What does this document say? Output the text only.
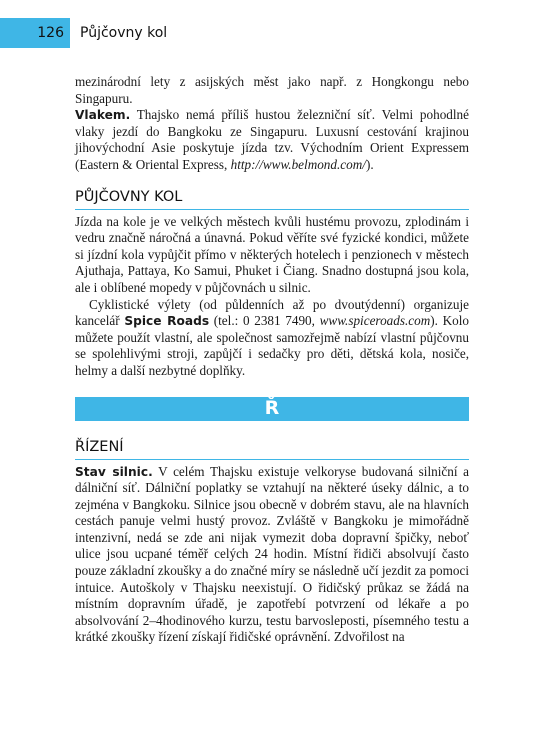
126 Půjčovny kol

mezinárodní lety z asijských měst jako např. z Hongkongu nebo Singapuru.

Vlakem. Thajsko nemá příliš hustou železniční síť. Velmi pohodlné vlaky jezdí do Bangkoku ze Singapuru. Luxusní cestování krajinou jihovýchodní Asie poskytuje jízda tzv. Východním Orient Expressem (Eastern & Oriental Express, http://www.belmond.com/).

PŮJČOVNY KOL

Jízda na kole je ve velkých městech kvůli hustému provozu, zplodinám i vedru značně náročná a únavná. Pokud věříte své fyzické kondici, můžete si jízdní kola vypůjčit přímo v některých hotelech i penzionech v městech Ajuthaja, Pattaya, Ko Samui, Phuket i Čiang. Snadno dostupná jsou kola, ale i oblíbené mopedy v půjčovnách u silnic.

Cyklistické výlety (od půldenních až po dvoutýdenní) organizuje kancelář Spice Roads (tel.: 0 2381 7490, www.spiceroads.com). Kolo můžete použít vlastní, ale společnost samozřejmě nabízí vlastní půjčovnu se spolehlivými stroji, zapůjčí i sedačky pro děti, dětská kola, nosiče, helmy a další nezbytné doplňky.

Ř
ŘÍZENÍ

Stav silnic. V celém Thajsku existuje velkoryse budovaná silniční a dálniční síť. Dálniční poplatky se vztahují na některé úseky dálnic, a to zejména v Bangkoku. Silnice jsou obecně v dobrém stavu, ale na hlavních cestách panuje velmi hustý provoz. Zvláště v Bangkoku je mimořádně intenzivní, nedá se zde ani nijak vymezit doba dopravní špičky, neboť ulice jsou ucpané téměř celých 24 hodin. Místní řidiči absolvují často pouze základní zkoušky a do značné míry se následně učí jezdit za pomoci intuice. Autoškoly v Thajsku neexistují. O řidičský průkaz se žádá na místním dopravním úřadě, je zapotřebí potvrzení od lékaře a po absolvování 2–4hodinového kurzu, testu barvosleposti, písemného testu a krátké zkoušky řízení získají řidičské oprávnění. Zdvořilost na
